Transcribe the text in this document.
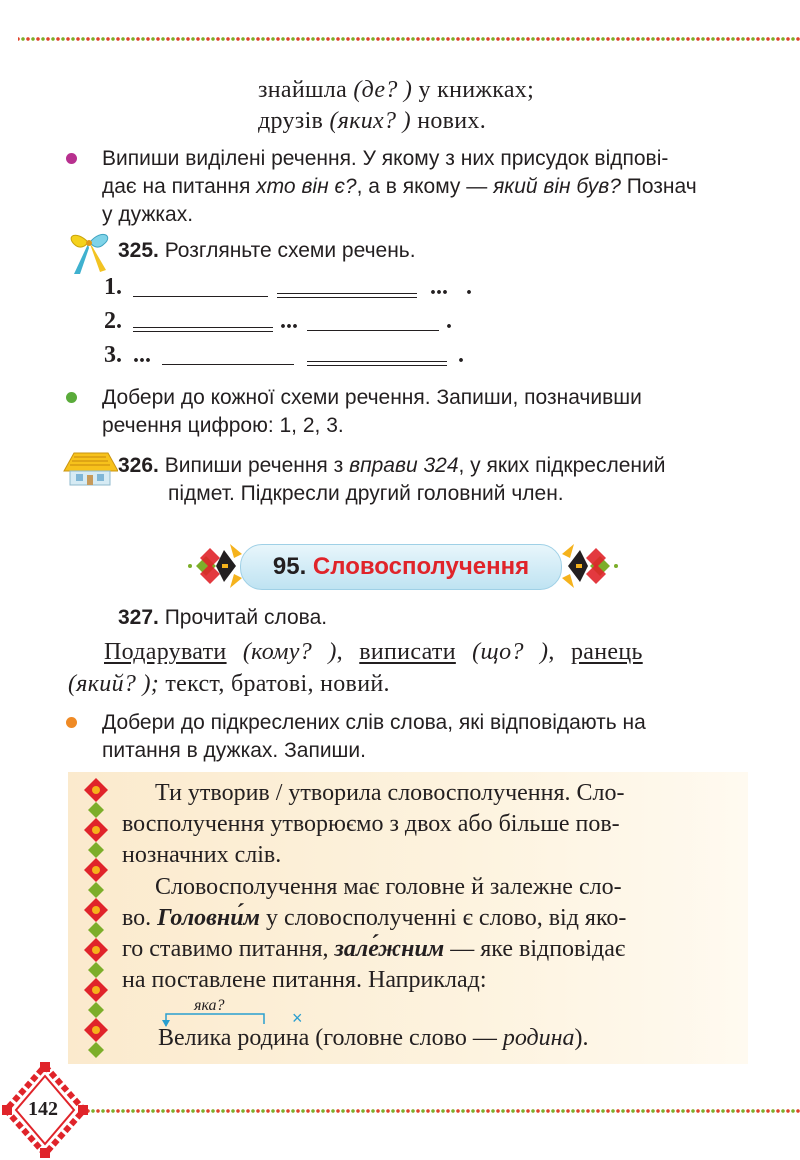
знайшла (де? ) у книжках;
друзів (яких? ) нових.
Випиши виділені речення. У якому з них присудок відпові-
дає на питання хто він є?, а в якому — який він був? Познач
у дужках.
325. Розгляньте схеми речень.
1.	... .
2.	...	.
3. ...	.
Добери до кожної схеми речення. Запиши, позначивши
речення цифрою: 1, 2, 3.
326. Випиши речення з вправи 324, у яких підкреслений
підмет. Підкресли другий головний член.
95. Словосполучення
327. Прочитай слова.
Подарувати (кому? ), виписати (що? ), ранець
(який? ); текст, братові, новий.
Добери до підкреслених слів слова, які відповідають на
питання в дужках. Запиши.
Ти утворив / утворила словосполучення. Сло-
восполучення утворюємо з двох або більше пов-
нозначних слів.
Словосполучення має головне й залежне сло-
во. Головни́м у словосполученні є слово, від яко-
го ставимо питання, зале́жним — яке відповідає
на поставлене питання. Наприклад:
яка?
×
Велика родина (головне слово — родина).
142
